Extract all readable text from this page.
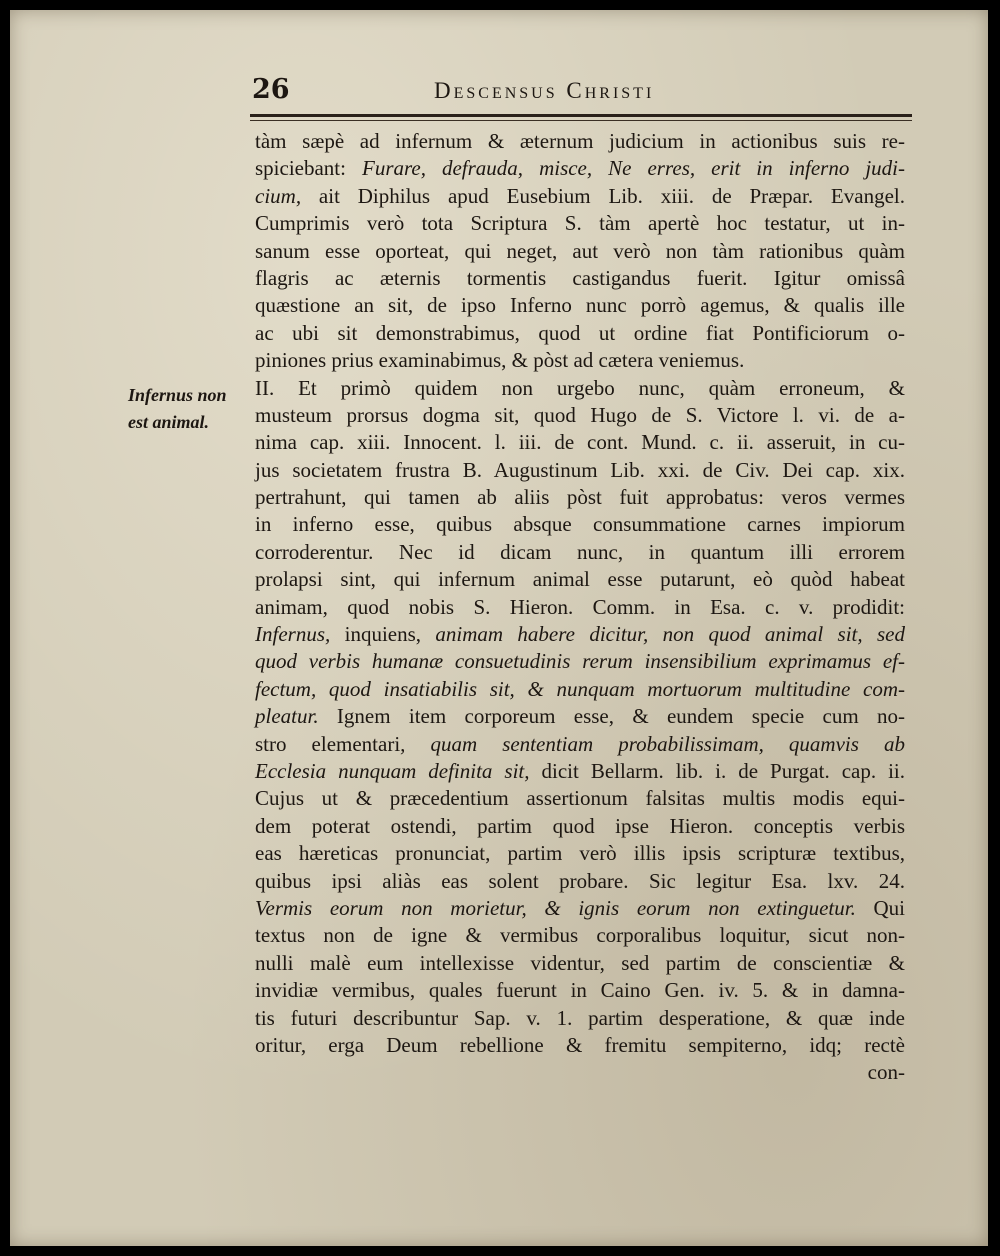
26	Descensus Christi
Infernus non
est animal.
tàm sæpè ad infernum & æternum judicium in actionibus suis re-
spiciebant: Furare, defrauda, misce, Ne erres, erit in inferno judi-
cium, ait Diphilus apud Eusebium Lib. xiii. de Præpar. Evangel.
Cumprimis verò tota Scriptura S. tàm apertè hoc testatur, ut in-
sanum esse oporteat, qui neget, aut verò non tàm rationibus quàm
flagris ac æternis tormentis castigandus fuerit. Igitur omissâ
quæstione an sit, de ipso Inferno nunc porrò agemus, & qualis ille
ac ubi sit demonstrabimus, quod ut ordine fiat Pontificiorum o-
piniones prius examinabimus, & pòst ad cætera veniemus.
II. Et primò quidem non urgebo nunc, quàm erroneum, &
musteum prorsus dogma sit, quod Hugo de S. Victore l. vi. de a-
nima cap. xiii. Innocent. l. iii. de cont. Mund. c. ii. asseruit, in cu-
jus societatem frustra B. Augustinum Lib. xxi. de Civ. Dei cap. xix.
pertrahunt, qui tamen ab aliis pòst fuit approbatus: veros vermes
in inferno esse, quibus absque consummatione carnes impiorum
corroderentur. Nec id dicam nunc, in quantum illi errorem
prolapsi sint, qui infernum animal esse putarunt, eò quòd habeat
animam, quod nobis S. Hieron. Comm. in Esa. c. v. prodidit:
Infernus, inquiens, animam habere dicitur, non quod animal sit, sed
quod verbis humanæ consuetudinis rerum insensibilium exprimamus ef-
fectum, quod insatiabilis sit, & nunquam mortuorum multitudine com-
pleatur. Ignem item corporeum esse, & eundem specie cum no-
stro elementari, quam sententiam probabilissimam, quamvis ab
Ecclesia nunquam definita sit, dicit Bellarm. lib. i. de Purgat. cap. ii.
Cujus ut & præcedentium assertionum falsitas multis modis equi-
dem poterat ostendi, partim quod ipse Hieron. conceptis verbis
eas hæreticas pronunciat, partim verò illis ipsis scripturæ textibus,
quibus ipsi aliàs eas solent probare. Sic legitur Esa. lxv. 24.
Vermis eorum non morietur, & ignis eorum non extinguetur. Qui
textus non de igne & vermibus corporalibus loquitur, sicut non-
nulli malè eum intellexisse videntur, sed partim de conscientiæ &
invidiæ vermibus, quales fuerunt in Caino Gen. iv. 5. & in damna-
tis futuri describuntur Sap. v. 1. partim desperatione, & quæ inde
oritur, erga Deum rebellione & fremitu sempiterno, idq; rectè
con-
